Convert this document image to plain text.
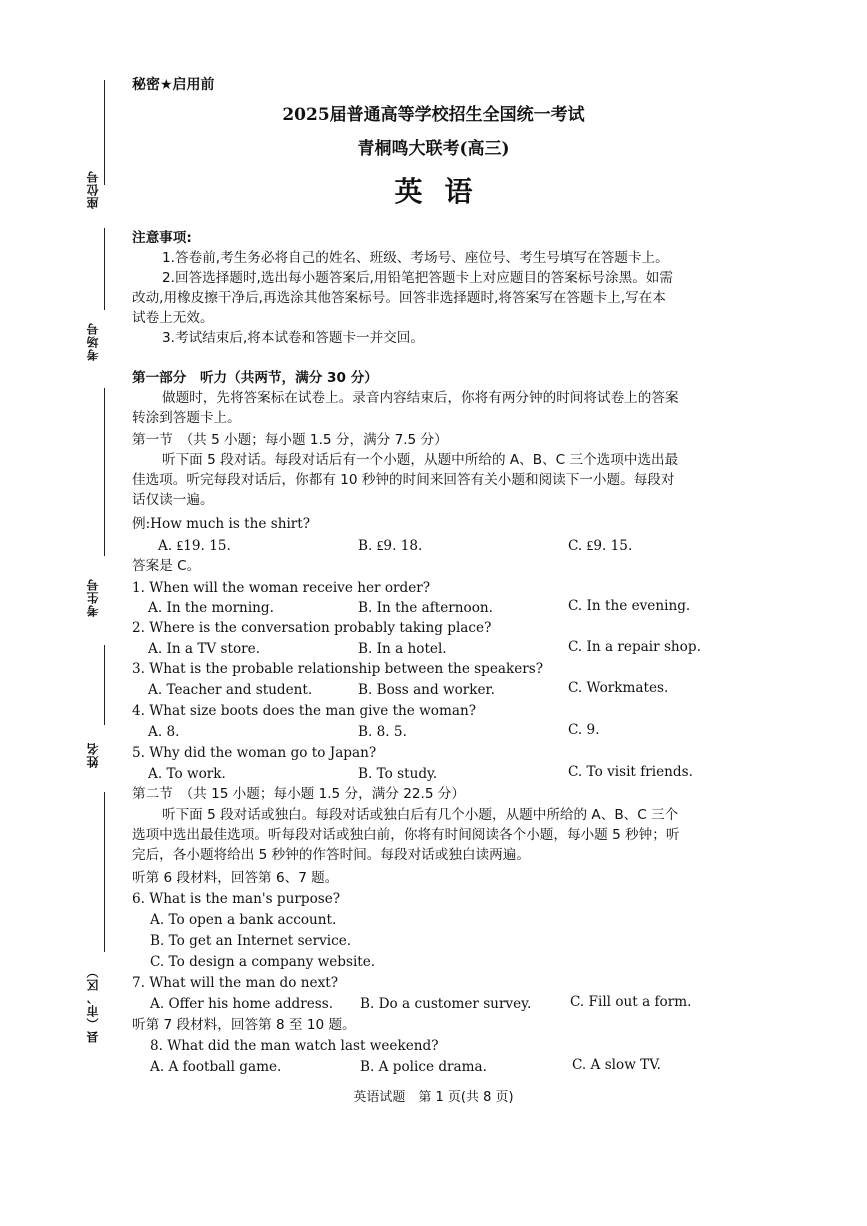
座位号
考场号
考生号
姓名
县（市、区）
秘密★启用前
2025届普通高等学校招生全国统一考试
青桐鸣大联考(高三)
英语
注意事项:
1.答卷前,考生务必将自己的姓名、班级、考场号、座位号、考生号填写在答题卡上。
2.回答选择题时,选出每小题答案后,用铅笔把答题卡上对应题目的答案标号涂黑。如需
改动,用橡皮擦干净后,再选涂其他答案标号。回答非选择题时,将答案写在答题卡上,写在本
试卷上无效。
3.考试结束后,将本试卷和答题卡一并交回。
第一部分　听力（共两节，满分 30 分）
做题时，先将答案标在试卷上。录音内容结束后，你将有两分钟的时间将试卷上的答案
转涂到答题卡上。
第一节　（共 5 小题；每小题 1.5 分，满分 7.5 分）
听下面 5 段对话。每段对话后有一个小题，从题中所给的 A、B、C 三个选项中选出最
佳选项。听完每段对话后，你都有 10 秒钟的时间来回答有关小题和阅读下一小题。每段对
话仅读一遍。
例:How much is the shirt?
A. ₤19. 15.	B. ₤9. 18.	C. ₤9. 15.
答案是 C。
1. When will the woman receive her order?
A. In the morning.	B. In the afternoon.	C. In the evening.
2. Where is the conversation probably taking place?
A. In a TV store.	B. In a hotel.	C. In a repair shop.
3. What is the probable relationship between the speakers?
A. Teacher and student.	B. Boss and worker.	C. Workmates.
4. What size boots does the man give the woman?
A. 8.	B. 8. 5.	C. 9.
5. Why did the woman go to Japan?
A. To work.	B. To study.	C. To visit friends.
第二节　（共 15 小题；每小题 1.5 分，满分 22.5 分）
听下面 5 段对话或独白。每段对话或独白后有几个小题，从题中所给的 A、B、C 三个
选项中选出最佳选项。听每段对话或独白前，你将有时间阅读各个小题，每小题 5 秒钟；听
完后，各小题将给出 5 秒钟的作答时间。每段对话或独白读两遍。
听第 6 段材料，回答第 6、7 题。
6. What is the man's purpose?
A. To open a bank account.
B. To get an Internet service.
C. To design a company website.
7. What will the man do next?
A. Offer his home address. B. Do a customer survey.	C. Fill out a form.
听第 7 段材料，回答第 8 至 10 题。
8. What did the man watch last weekend?
A. A football game.	B. A police drama.	C. A slow TV.
英语试题　第 1 页(共 8 页)
